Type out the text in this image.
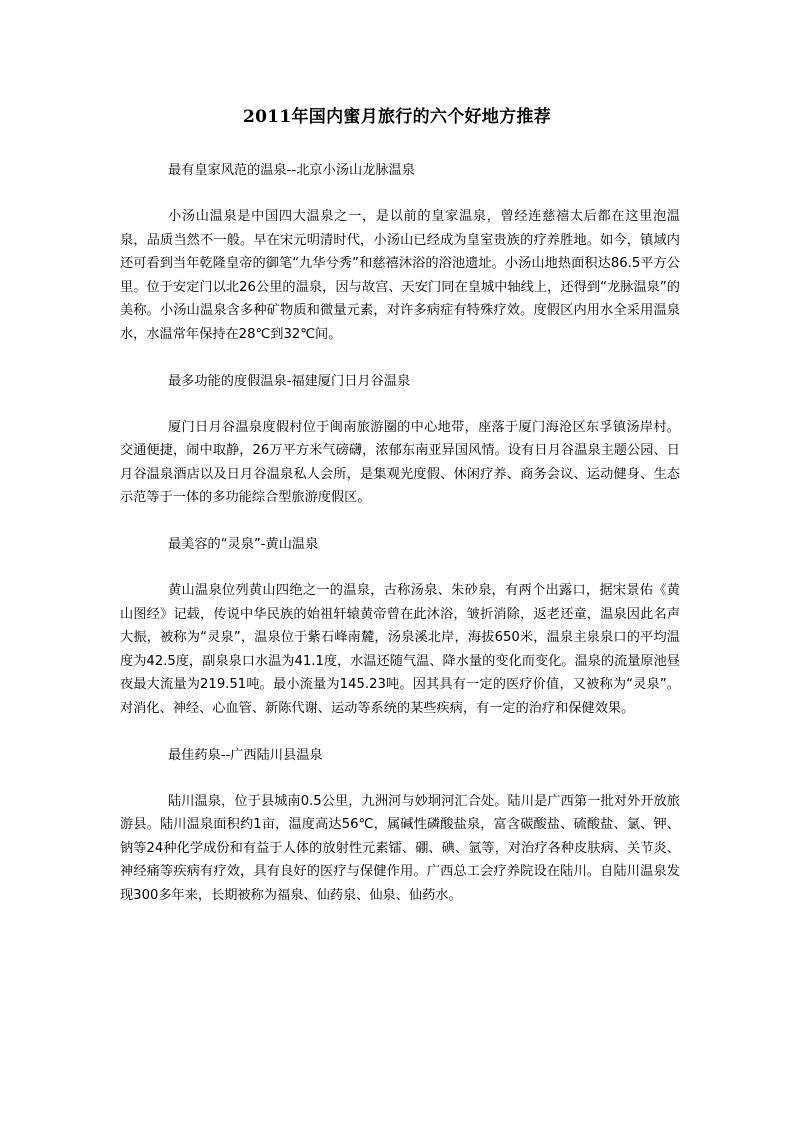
2011年国内蜜月旅行的六个好地方推荐

最有皇家风范的温泉--北京小汤山龙脉温泉

小汤山温泉是中国四大温泉之一，是以前的皇家温泉，曾经连慈禧太后都在这里泡温泉，品质当然不一般。早在宋元明清时代，小汤山已经成为皇室贵族的疗养胜地。如今，镇域内还可看到当年乾隆皇帝的御笔“九华兮秀”和慈禧沐浴的浴池遗址。小汤山地热面积达86.5平方公里。位于安定门以北26公里的温泉，因与故宫、天安门同在皇城中轴线上，还得到“龙脉温泉”的美称。小汤山温泉含多种矿物质和微量元素，对许多病症有特殊疗效。度假区内用水全采用温泉水，水温常年保持在28℃到32℃间。

最多功能的度假温泉-福建厦门日月谷温泉

厦门日月谷温泉度假村位于闽南旅游圈的中心地带，座落于厦门海沧区东孚镇汤岸村。交通便捷，闹中取静，26万平方米气磅礴，浓郁东南亚异国风情。设有日月谷温泉主题公园、日月谷温泉酒店以及日月谷温泉私人会所，是集观光度假、休闲疗养、商务会议、运动健身、生态示范等于一体的多功能综合型旅游度假区。

最美容的“灵泉”-黄山温泉

黄山温泉位列黄山四绝之一的温泉，古称汤泉、朱砂泉，有两个出露口，据宋景佑《黄山图经》记载，传说中华民族的始祖轩辕黄帝曾在此沐浴，皱折消除，返老还童，温泉因此名声大振，被称为“灵泉”，温泉位于紫石峰南麓，汤泉溪北岸，海拔650米，温泉主泉泉口的平均温度为42.5度，副泉泉口水温为41.1度，水温还随气温、降水量的变化而变化。温泉的流量原池昼夜最大流量为219.51吨。最小流量为145.23吨。因其具有一定的医疗价值，又被称为“灵泉”。对消化、神经、心血管、新陈代谢、运动等系统的某些疾病，有一定的治疗和保健效果。

最佳药泉--广西陆川县温泉

陆川温泉，位于县城南0.5公里，九洲河与妙垌河汇合处。陆川是广西第一批对外开放旅游县。陆川温泉面积约1亩，温度高达56℃，属碱性磷酸盐泉，富含碳酸盐、硫酸盐、氯、钾、钠等24种化学成份和有益于人体的放射性元素镭、硼、碘、氩等，对治疗各种皮肤病、关节炎、神经痛等疾病有疗效，具有良好的医疗与保健作用。广西总工会疗养院设在陆川。自陆川温泉发现300多年来，长期被称为福泉、仙药泉、仙泉、仙药水。
